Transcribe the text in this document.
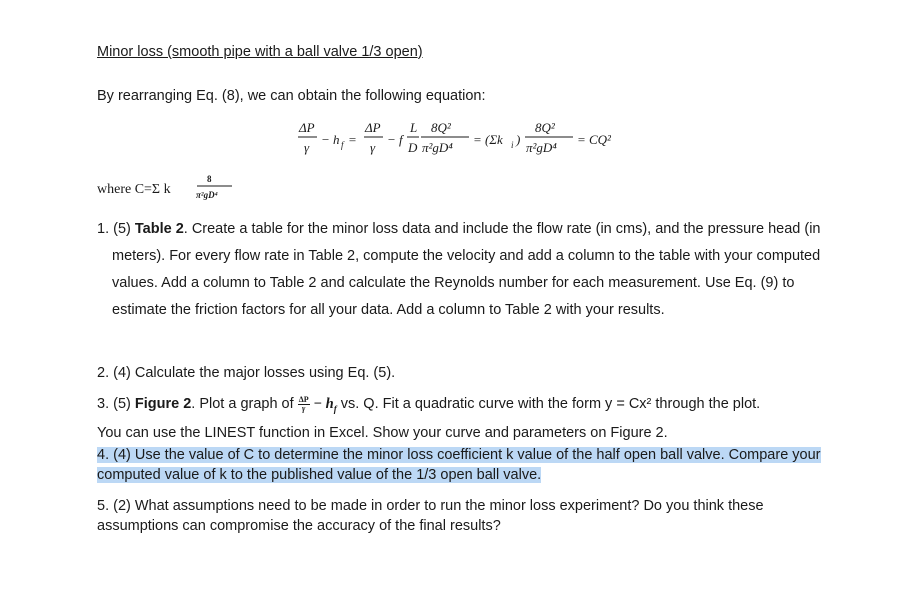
Minor loss (smooth pipe with a ball valve 1/3 open)
By rearranging Eq. (8), we can obtain the following equation:
ΔP
γ
− h f =
ΔP
γ
− f
L
D
8Q²
π²gD⁴
= (Σk i )
8Q²
π²gD⁴
= CQ²
where C=Σ k
8
π²gD⁴
1. (5) Table 2. Create a table for the minor loss data and include the flow rate (in cms), and the pressure head (in meters). For every flow rate in Table 2, compute the velocity and add a column to the table with your computed values. Add a column to Table 2 and calculate the Reynolds number for each measurement. Use Eq. (9) to estimate the friction factors for all your data. Add a column to Table 2 with your results.
2. (4) Calculate the major losses using Eq. (5).
3. (5) Figure 2. Plot a graph of $\frac{\Delta P}{\gamma} - h_f$ vs. Q. Fit a quadratic curve with the form y = Cx² through the plot.
You can use the LINEST function in Excel. Show your curve and parameters on Figure 2.
4. (4) Use the value of C to determine the minor loss coefficient k value of the half open ball valve. Compare your computed value of k to the published value of the 1/3 open ball valve.
5. (2) What assumptions need to be made in order to run the minor loss experiment? Do you think these assumptions can compromise the accuracy of the final results?
